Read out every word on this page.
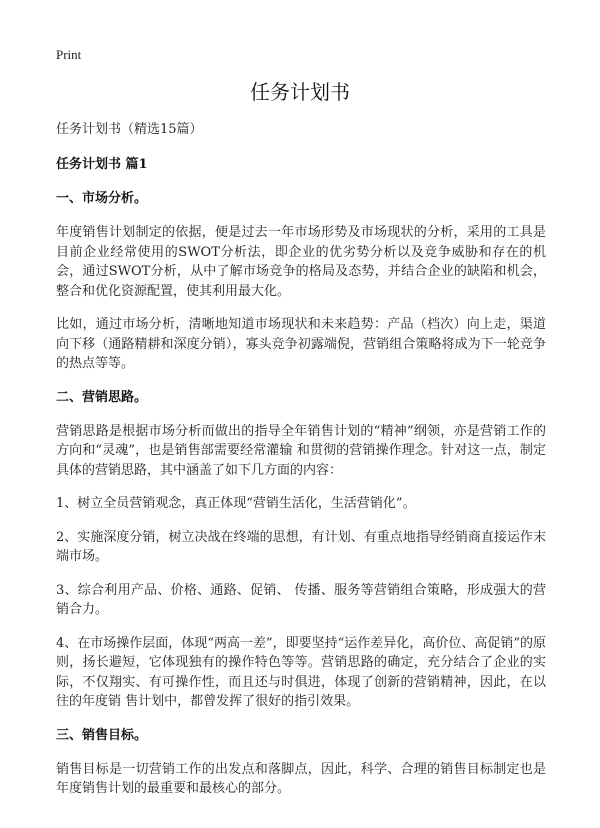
Print
任务计划书

任务计划书（精选15篇）

任务计划书 篇1

一、市场分析。

年度销售计划制定的依据，便是过去一年市场形势及市场现状的分析，采用的工具是目前企业经常使用的SWOT分析法，即企业的优劣势分析以及竞争威胁和存在的机会，通过SWOT分析，从中了解市场竞争的格局及态势，并结合企业的缺陷和机会，整合和优化资源配置，使其利用最大化。

比如，通过市场分析，清晰地知道市场现状和未来趋势：产品（档次）向上走，渠道向下移（通路精耕和深度分销），寡头竞争初露端倪，营销组合策略将成为下一轮竞争的热点等等。

二、营销思路。

营销思路是根据市场分析而做出的指导全年销售计划的“精神”纲领，亦是营销工作的方向和“灵魂”，也是销售部需要经常灌输 和贯彻的营销操作理念。针对这一点，制定具体的营销思路，其中涵盖了如下几方面的内容：

1、树立全员营销观念，真正体现“营销生活化，生活营销化”。

2、实施深度分销，树立决战在终端的思想，有计划、有重点地指导经销商直接运作末端市场。

3、综合利用产品、价格、通路、促销、 传播、服务等营销组合策略，形成强大的营销合力。

4、在市场操作层面，体现“两高一差”，即要坚持“运作差异化，高价位、高促销”的原则，扬长避短，它体现独有的操作特色等等。营销思路的确定，充分结合了企业的实际，不仅翔实、有可操作性，而且还与时俱进，体现了创新的营销精神，因此，在以往的年度销 售计划中，都曾发挥了很好的指引效果。

三、销售目标。

销售目标是一切营销工作的出发点和落脚点，因此，科学、合理的销售目标制定也是年度销售计划的最重要和最核心的部分。
